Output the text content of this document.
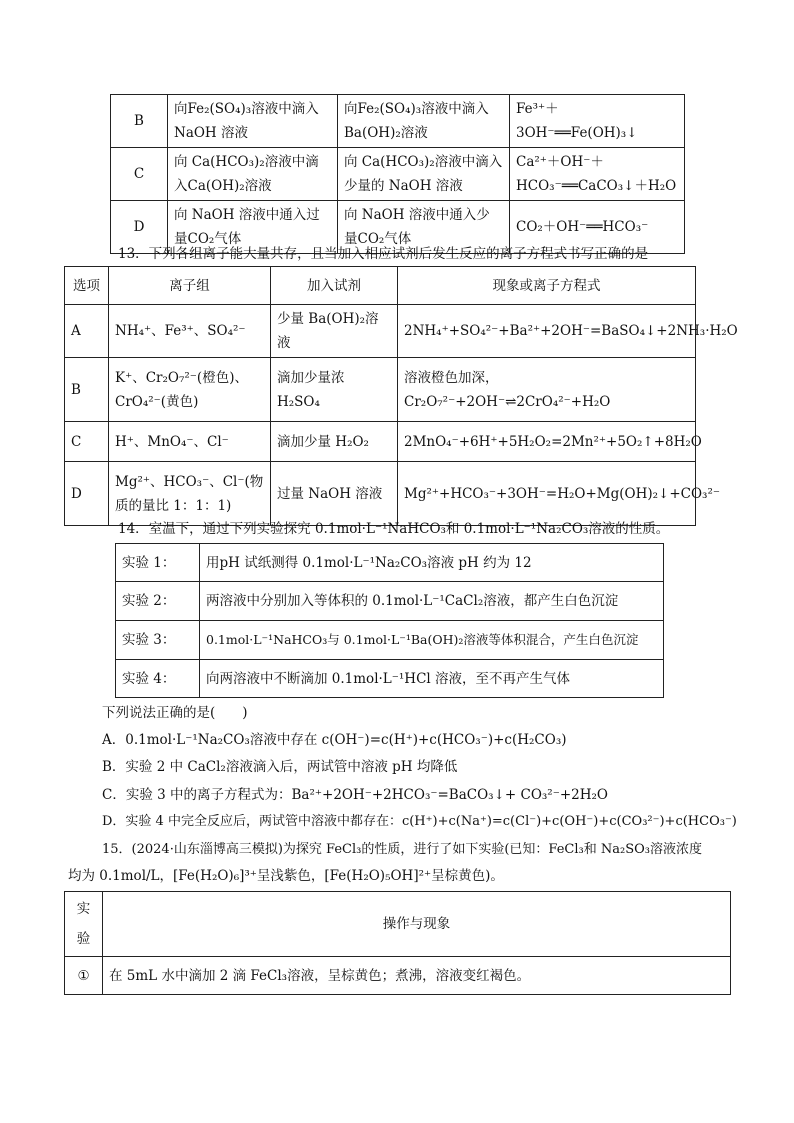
B	向Fe₂(SO₄)₃溶液中滴入NaOH 溶液	向Fe₂(SO₄)₃溶液中滴入Ba(OH)₂溶液	Fe³⁺＋3OH⁻══Fe(OH)₃↓
C	向 Ca(HCO₃)₂溶液中滴入Ca(OH)₂溶液	向 Ca(HCO₃)₂溶液中滴入少量的 NaOH 溶液	Ca²⁺＋OH⁻＋HCO₃⁻══CaCO₃↓＋H₂O
D	向 NaOH 溶液中通入过量CO₂气体	向 NaOH 溶液中通入少量CO₂气体	CO₂＋OH⁻══HCO₃⁻
13．下列各组离子能大量共存，且当加入相应试剂后发生反应的离子方程式书写正确的是
选项	离子组	加入试剂	现象或离子方程式
A	NH₄⁺、Fe³⁺、SO₄²⁻	少量 Ba(OH)₂溶液	2NH₄⁺+SO₄²⁻+Ba²⁺+2OH⁻=BaSO₄↓+2NH₃·H₂O
B	K⁺、Cr₂O₇²⁻(橙色)、CrO₄²⁻(黄色)	滴加少量浓 H₂SO₄	溶液橙色加深，Cr₂O₇²⁻+2OH⁻⇌2CrO₄²⁻+H₂O
C	H⁺、MnO₄⁻、Cl⁻	滴加少量 H₂O₂	2MnO₄⁻+6H⁺+5H₂O₂=2Mn²⁺+5O₂↑+8H₂O
D	Mg²⁺、HCO₃⁻、Cl⁻(物质的量比 1：1：1)	过量 NaOH 溶液	Mg²⁺+HCO₃⁻+3OH⁻=H₂O+Mg(OH)₂↓+CO₃²⁻
14．室温下，通过下列实验探究 0.1mol·L⁻¹NaHCO₃和 0.1mol·L⁻¹Na₂CO₃溶液的性质。
实验 1：	用pH 试纸测得 0.1mol·L⁻¹Na₂CO₃溶液 pH 约为 12
实验 2：	两溶液中分别加入等体积的 0.1mol·L⁻¹CaCl₂溶液，都产生白色沉淀
实验 3：	0.1mol·L⁻¹NaHCO₃与 0.1mol·L⁻¹Ba(OH)₂溶液等体积混合，产生白色沉淀
实验 4：	向两溶液中不断滴加 0.1mol·L⁻¹HCl 溶液，至不再产生气体
下列说法正确的是(　　)
A．0.1mol·L⁻¹Na₂CO₃溶液中存在 c(OH⁻)=c(H⁺)+c(HCO₃⁻)+c(H₂CO₃)
B．实验 2 中 CaCl₂溶液滴入后，两试管中溶液 pH 均降低
C．实验 3 中的离子方程式为：Ba²⁺+2OH⁻+2HCO₃⁻=BaCO₃↓+ CO₃²⁻+2H₂O
D．实验 4 中完全反应后，两试管中溶液中都存在：c(H⁺)+c(Na⁺)=c(Cl⁻)+c(OH⁻)+c(CO₃²⁻)+c(HCO₃⁻)
15．(2024·山东淄博高三模拟)为探究 FeCl₃的性质，进行了如下实验(已知：FeCl₃和 Na₂SO₃溶液浓度
均为 0.1mol/L，[Fe(H₂O)₆]³⁺呈浅紫色，[Fe(H₂O)₅OH]²⁺呈棕黄色)。
实验	操作与现象
①	在 5mL 水中滴加 2 滴 FeCl₃溶液，呈棕黄色；煮沸，溶液变红褐色。
